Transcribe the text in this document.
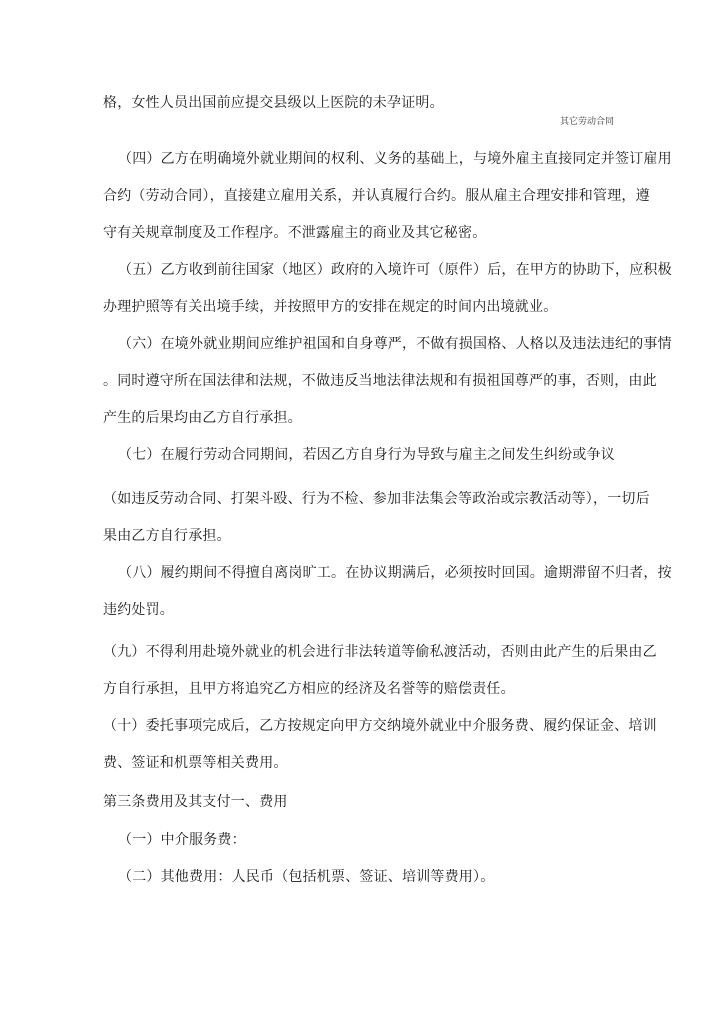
其它劳动合同
格，女性人员出国前应提交县级以上医院的未孕证明。
（四）乙方在明确境外就业期间的权利、义务的基础上，与境外雇主直接同定并签订雇用
合约（劳动合同），直接建立雇用关系，并认真履行合约。服从雇主合理安排和管理，遵
守有关规章制度及工作程序。不泄露雇主的商业及其它秘密。
（五）乙方收到前往国家（地区）政府的入境许可（原件）后，在甲方的协助下，应积极
办理护照等有关出境手续，并按照甲方的安排在规定的时间内出境就业。
（六）在境外就业期间应维护祖国和自身尊严，不做有损国格、人格以及违法违纪的事情
。同时遵守所在国法律和法规，不做违反当地法律法规和有损祖国尊严的事，否则，由此
产生的后果均由乙方自行承担。
（七）在履行劳动合同期间，若因乙方自身行为导致与雇主之间发生纠纷或争议
（如违反劳动合同、打架斗殴、行为不检、参加非法集会等政治或宗教活动等），一切后
果由乙方自行承担。
（八）履约期间不得擅自离岗旷工。在协议期满后，必须按时回国。逾期滞留不归者，按
违约处罚。
（九）不得利用赴境外就业的机会进行非法转道等偷私渡活动，否则由此产生的后果由乙
方自行承担，且甲方将追究乙方相应的经济及名誉等的赔偿责任。
（十）委托事项完成后，乙方按规定向甲方交纳境外就业中介服务费、履约保证金、培训
费、签证和机票等相关费用。
第三条费用及其支付一、费用
（一）中介服务费：
（二）其他费用：人民币（包括机票、签证、培训等费用）。
